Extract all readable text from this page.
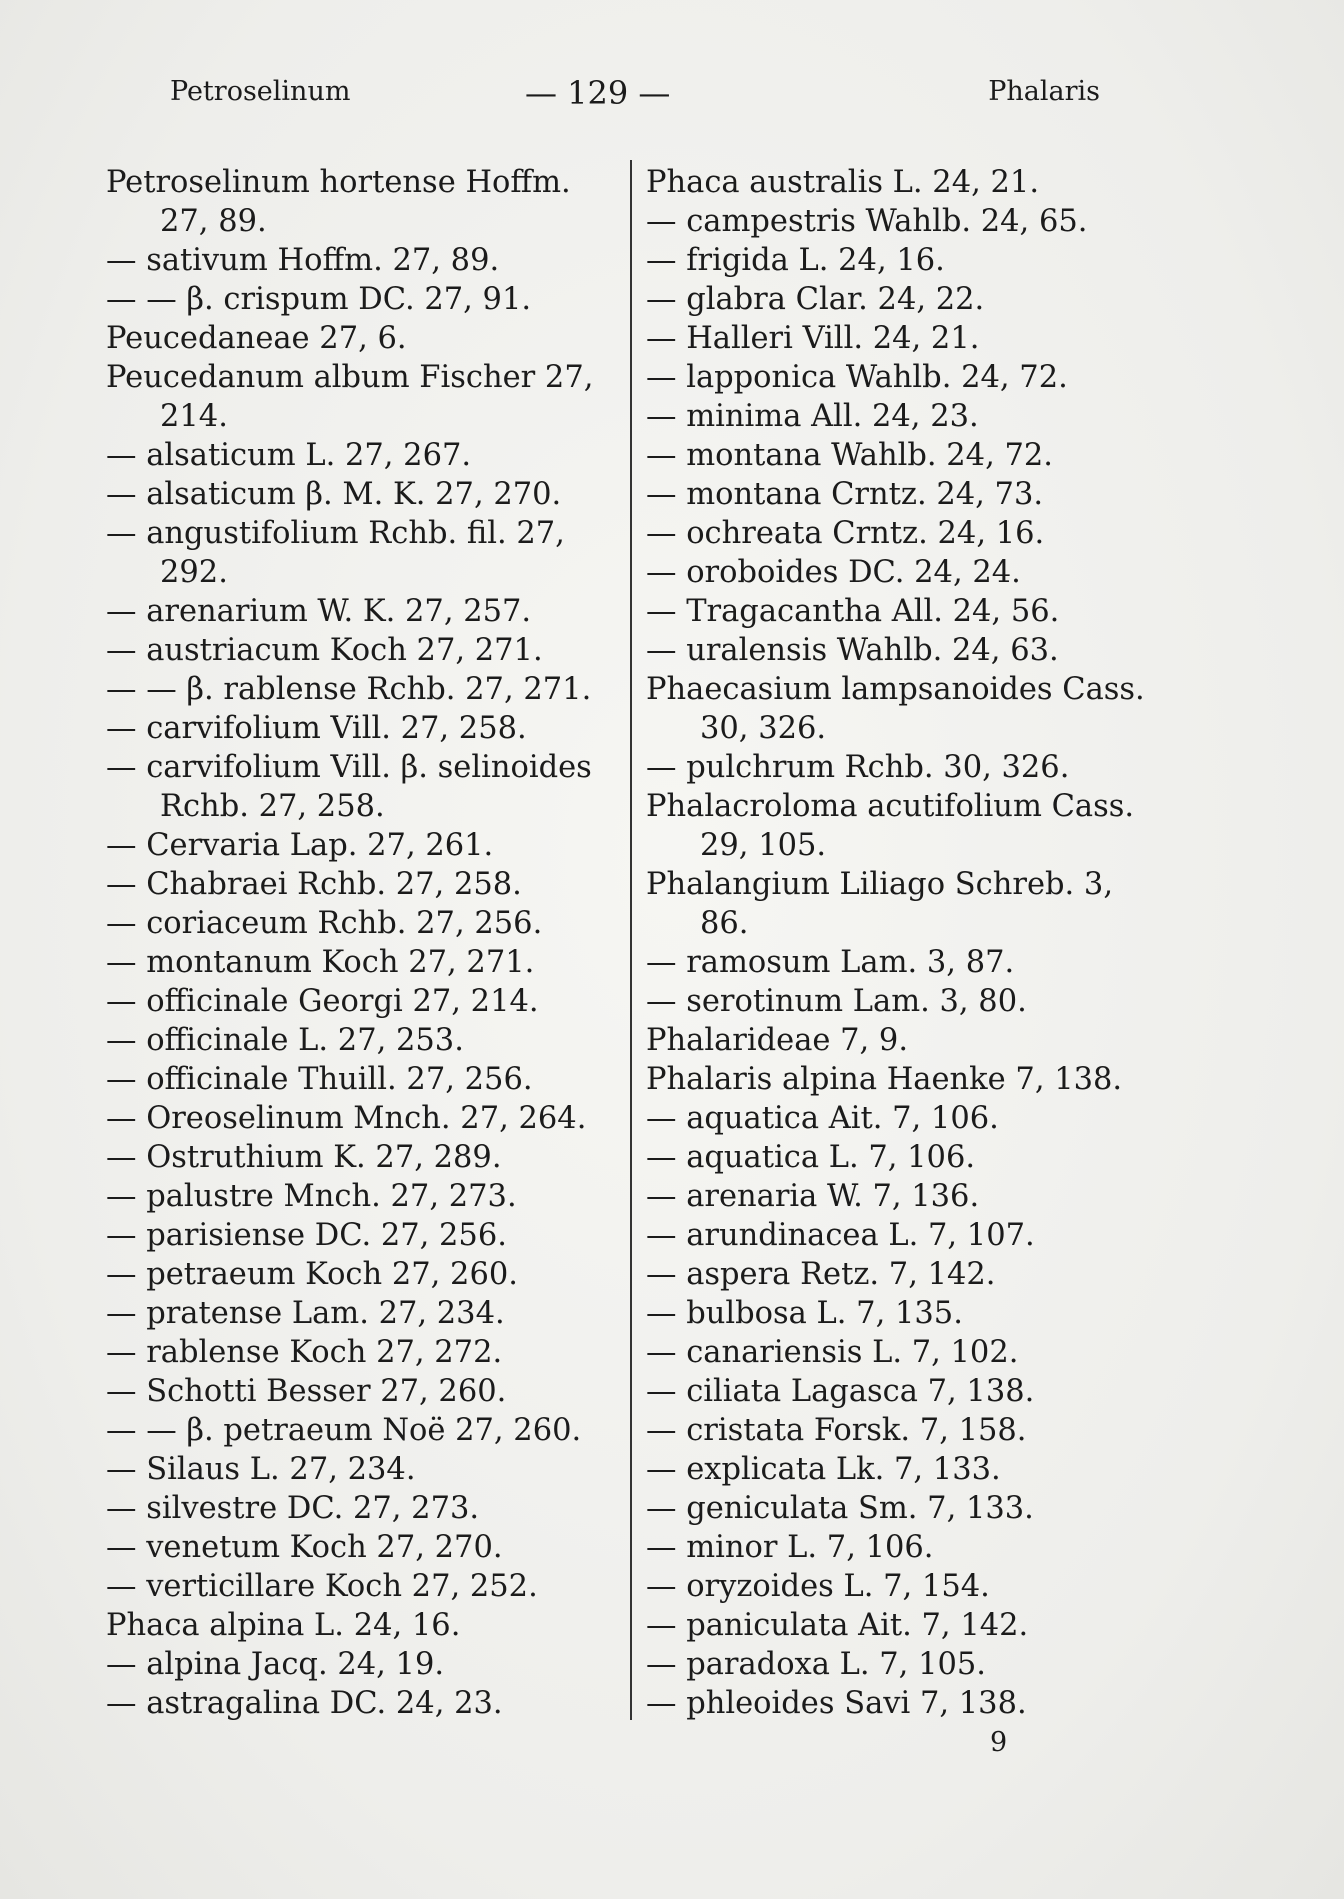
Petroselinum	— 129 —	Phalaris
Petroselinum hortense Hoffm.
27, 89.
— sativum Hoffm. 27, 89.
— — β. crispum DC. 27, 91.
Peucedaneae 27, 6.
Peucedanum album Fischer 27,
214.
— alsaticum L. 27, 267.
— alsaticum β. M. K. 27, 270.
— angustifolium Rchb. fil. 27,
292.
— arenarium W. K. 27, 257.
— austriacum Koch 27, 271.
— — β. rablense Rchb. 27, 271.
— carvifolium Vill. 27, 258.
— carvifolium Vill. β. selinoides
Rchb. 27, 258.
— Cervaria Lap. 27, 261.
— Chabraei Rchb. 27, 258.
— coriaceum Rchb. 27, 256.
— montanum Koch 27, 271.
— officinale Georgi 27, 214.
— officinale L. 27, 253.
— officinale Thuill. 27, 256.
— Oreoselinum Mnch. 27, 264.
— Ostruthium K. 27, 289.
— palustre Mnch. 27, 273.
— parisiense DC. 27, 256.
— petraeum Koch 27, 260.
— pratense Lam. 27, 234.
— rablense Koch 27, 272.
— Schotti Besser 27, 260.
— — β. petraeum Noë 27, 260.
— Silaus L. 27, 234.
— silvestre DC. 27, 273.
— venetum Koch 27, 270.
— verticillare Koch 27, 252.
Phaca alpina L. 24, 16.
— alpina Jacq. 24, 19.
— astragalina DC. 24, 23.
Phaca australis L. 24, 21.
— campestris Wahlb. 24, 65.
— frigida L. 24, 16.
— glabra Clar. 24, 22.
— Halleri Vill. 24, 21.
— lapponica Wahlb. 24, 72.
— minima All. 24, 23.
— montana Wahlb. 24, 72.
— montana Crntz. 24, 73.
— ochreata Crntz. 24, 16.
— oroboides DC. 24, 24.
— Tragacantha All. 24, 56.
— uralensis Wahlb. 24, 63.
Phaecasium lampsanoides Cass.
30, 326.
— pulchrum Rchb. 30, 326.
Phalacroloma acutifolium Cass.
29, 105.
Phalangium Liliago Schreb. 3,
86.
— ramosum Lam. 3, 87.
— serotinum Lam. 3, 80.
Phalarideae 7, 9.
Phalaris alpina Haenke 7, 138.
— aquatica Ait. 7, 106.
— aquatica L. 7, 106.
— arenaria W. 7, 136.
— arundinacea L. 7, 107.
— aspera Retz. 7, 142.
— bulbosa L. 7, 135.
— canariensis L. 7, 102.
— ciliata Lagasca 7, 138.
— cristata Forsk. 7, 158.
— explicata Lk. 7, 133.
— geniculata Sm. 7, 133.
— minor L. 7, 106.
— oryzoides L. 7, 154.
— paniculata Ait. 7, 142.
— paradoxa L. 7, 105.
— phleoides Savi 7, 138.
9
